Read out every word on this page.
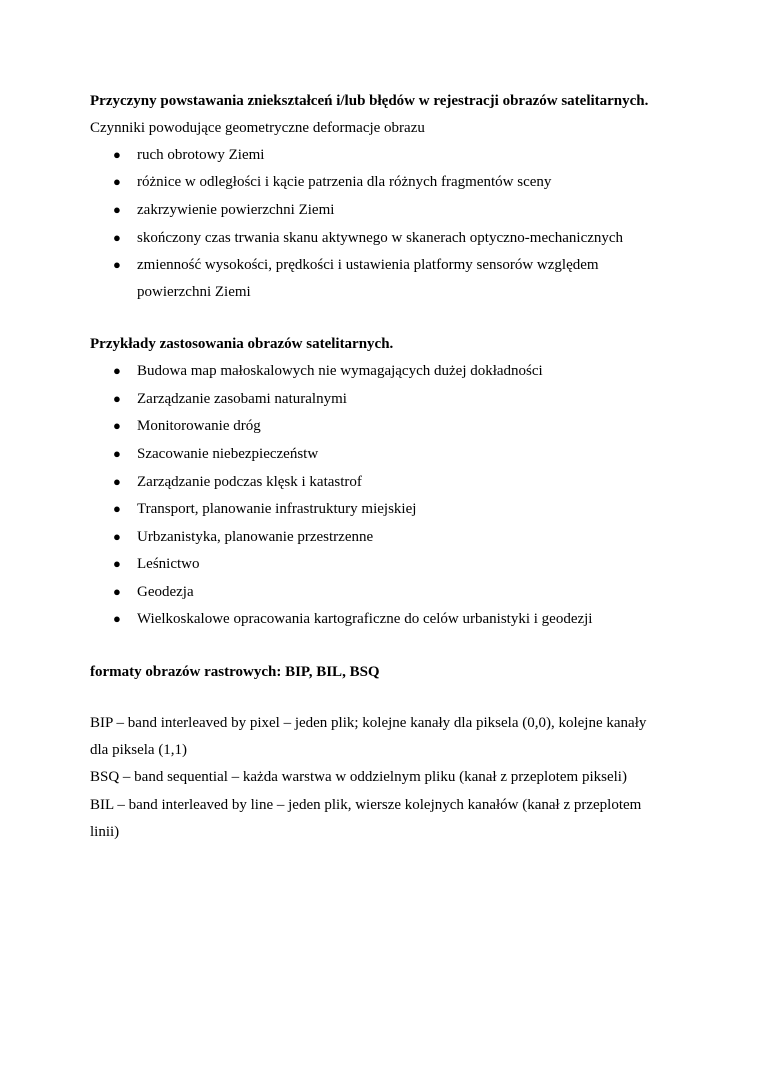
Przyczyny powstawania zniekształceń i/lub błędów w rejestracji obrazów satelitarnych.
Czynniki powodujące geometryczne deformacje obrazu
● ruch obrotowy Ziemi
● różnice w odległości i kącie patrzenia dla różnych fragmentów sceny
● zakrzywienie powierzchni Ziemi
● skończony czas trwania skanu aktywnego w skanerach optyczno-mechanicznych
● zmienność wysokości, prędkości i ustawienia platformy sensorów względem
powierzchni Ziemi
Przykłady zastosowania obrazów satelitarnych.
● Budowa map małoskalowych nie wymagających dużej dokładności
● Zarządzanie zasobami naturalnymi
● Monitorowanie dróg
● Szacowanie niebezpieczeństw
● Zarządzanie podczas klęsk i katastrof
● Transport, planowanie infrastruktury miejskiej
● Urbzanistyka, planowanie przestrzenne
● Leśnictwo
● Geodezja
● Wielkoskalowe opracowania kartograficzne do celów urbanistyki i geodezji
formaty obrazów rastrowych: BIP, BIL, BSQ
BIP – band interleaved by pixel – jeden plik; kolejne kanały dla piksela (0,0), kolejne kanały
dla piksela (1,1)
BSQ – band sequential – każda warstwa w oddzielnym pliku (kanał z przeplotem pikseli)
BIL – band interleaved by line – jeden plik, wiersze kolejnych kanałów (kanał z przeplotem
linii)
